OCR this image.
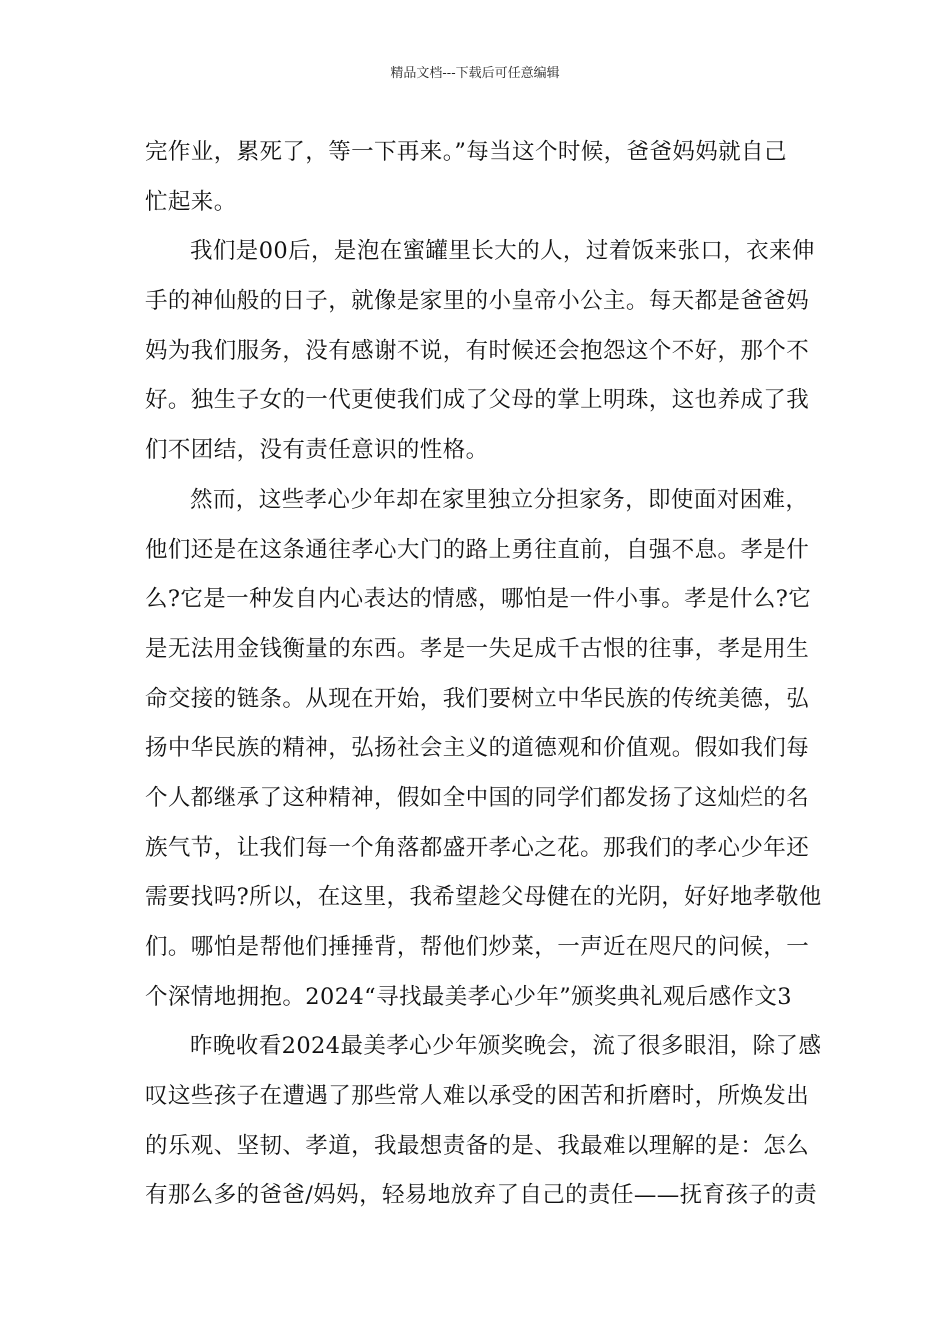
精品文档---下载后可任意编辑
完作业，累死了，等一下再来。”每当这个时候，爸爸妈妈就自己
忙起来。
我们是00后，是泡在蜜罐里长大的人，过着饭来张口，衣来伸
手的神仙般的日子，就像是家里的小皇帝小公主。每天都是爸爸妈
妈为我们服务，没有感谢不说，有时候还会抱怨这个不好，那个不
好。独生子女的一代更使我们成了父母的掌上明珠，这也养成了我
们不团结，没有责任意识的性格。
然而，这些孝心少年却在家里独立分担家务，即使面对困难，
他们还是在这条通往孝心大门的路上勇往直前，自强不息。孝是什
么?它是一种发自内心表达的情感，哪怕是一件小事。孝是什么?它
是无法用金钱衡量的东西。孝是一失足成千古恨的往事，孝是用生
命交接的链条。从现在开始，我们要树立中华民族的传统美德，弘
扬中华民族的精神，弘扬社会主义的道德观和价值观。假如我们每
个人都继承了这种精神，假如全中国的同学们都发扬了这灿烂的名
族气节，让我们每一个角落都盛开孝心之花。那我们的孝心少年还
需要找吗?所以，在这里，我希望趁父母健在的光阴，好好地孝敬他
们。哪怕是帮他们捶捶背，帮他们炒菜，一声近在咫尺的问候，一
个深情地拥抱。2024“寻找最美孝心少年”颁奖典礼观后感作文3
昨晚收看2024最美孝心少年颁奖晚会，流了很多眼泪，除了感
叹这些孩子在遭遇了那些常人难以承受的困苦和折磨时，所焕发出
的乐观、坚韧、孝道，我最想责备的是、我最难以理解的是：怎么
有那么多的爸爸/妈妈，轻易地放弃了自己的责任——抚育孩子的责
